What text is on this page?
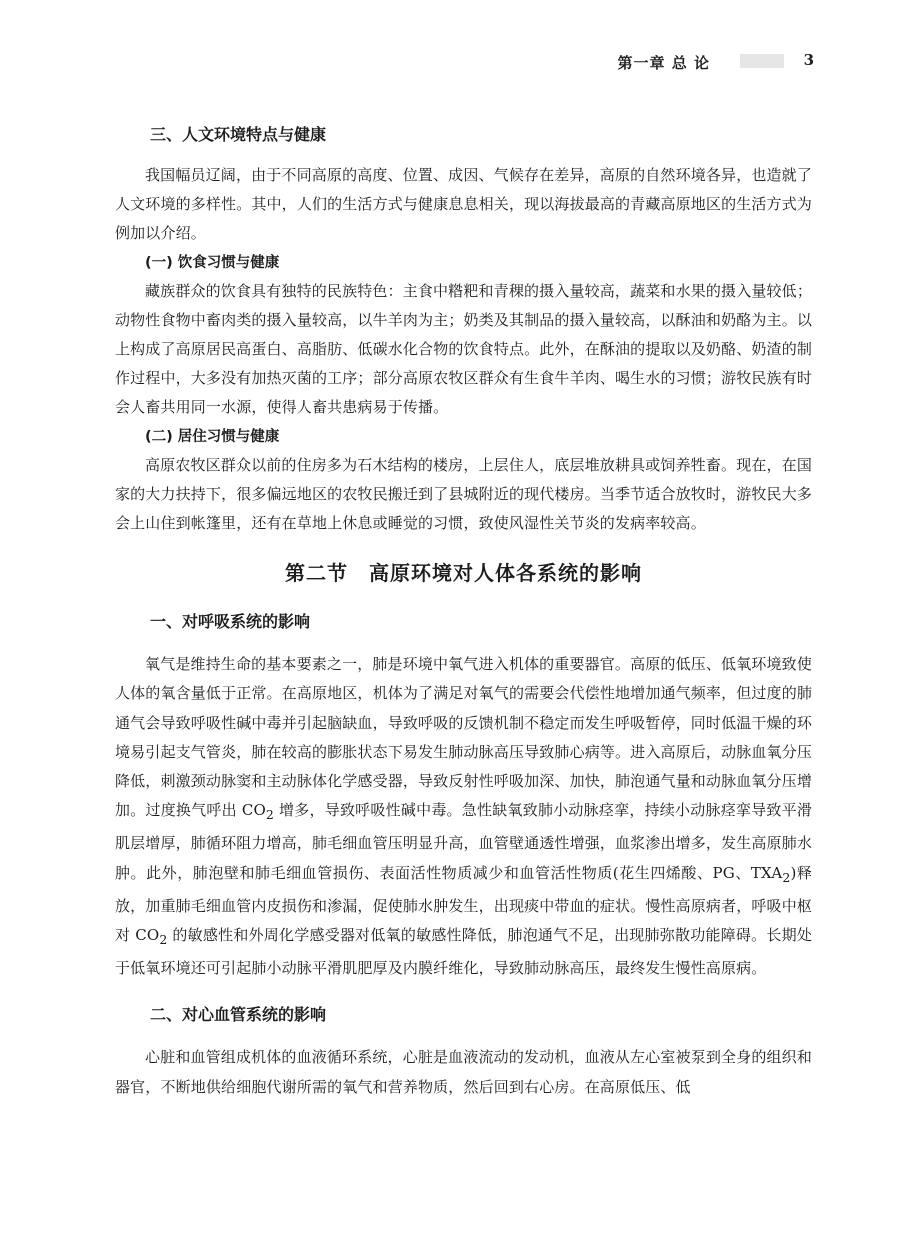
第一章 总 论	3
三、人文环境特点与健康

我国幅员辽阔，由于不同高原的高度、位置、成因、气候存在差异，高原的自然环境各异，也造就了人文环境的多样性。其中，人们的生活方式与健康息息相关，现以海拔最高的青藏高原地区的生活方式为例加以介绍。

(一) 饮食习惯与健康

藏族群众的饮食具有独特的民族特色：主食中糌粑和青稞的摄入量较高，蔬菜和水果的摄入量较低；动物性食物中畜肉类的摄入量较高，以牛羊肉为主；奶类及其制品的摄入量较高，以酥油和奶酪为主。以上构成了高原居民高蛋白、高脂肪、低碳水化合物的饮食特点。此外，在酥油的提取以及奶酪、奶渣的制作过程中，大多没有加热灭菌的工序；部分高原农牧区群众有生食牛羊肉、喝生水的习惯；游牧民族有时会人畜共用同一水源，使得人畜共患病易于传播。

(二) 居住习惯与健康

高原农牧区群众以前的住房多为石木结构的楼房，上层住人，底层堆放耕具或饲养牲畜。现在，在国家的大力扶持下，很多偏远地区的农牧民搬迁到了县城附近的现代楼房。当季节适合放牧时，游牧民大多会上山住到帐篷里，还有在草地上休息或睡觉的习惯，致使风湿性关节炎的发病率较高。

第二节　高原环境对人体各系统的影响
一、对呼吸系统的影响

氧气是维持生命的基本要素之一，肺是环境中氧气进入机体的重要器官。高原的低压、低氧环境致使人体的氧含量低于正常。在高原地区，机体为了满足对氧气的需要会代偿性地增加通气频率，但过度的肺通气会导致呼吸性碱中毒并引起脑缺血，导致呼吸的反馈机制不稳定而发生呼吸暂停，同时低温干燥的环境易引起支气管炎，肺在较高的膨胀状态下易发生肺动脉高压导致肺心病等。进入高原后，动脉血氧分压降低，刺激颈动脉窦和主动脉体化学感受器，导致反射性呼吸加深、加快，肺泡通气量和动脉血氧分压增加。过度换气呼出 $CO_2$ 增多，导致呼吸性碱中毒。急性缺氧致肺小动脉痉挛，持续小动脉痉挛导致平滑肌层增厚，肺循环阻力增高，肺毛细血管压明显升高，血管壁通透性增强，血浆渗出增多，发生高原肺水肿。此外，肺泡壁和肺毛细血管损伤、表面活性物质减少和血管活性物质(花生四烯酸、PG、$TXA_2$)释放，加重肺毛细血管内皮损伤和渗漏，促使肺水肿发生，出现痰中带血的症状。慢性高原病者，呼吸中枢对 $CO_2$ 的敏感性和外周化学感受器对低氧的敏感性降低，肺泡通气不足，出现肺弥散功能障碍。长期处于低氧环境还可引起肺小动脉平滑肌肥厚及内膜纤维化，导致肺动脉高压，最终发生慢性高原病。

二、对心血管系统的影响

心脏和血管组成机体的血液循环系统，心脏是血液流动的发动机，血液从左心室被泵到全身的组织和器官，不断地供给细胞代谢所需的氧气和营养物质，然后回到右心房。在高原低压、低
